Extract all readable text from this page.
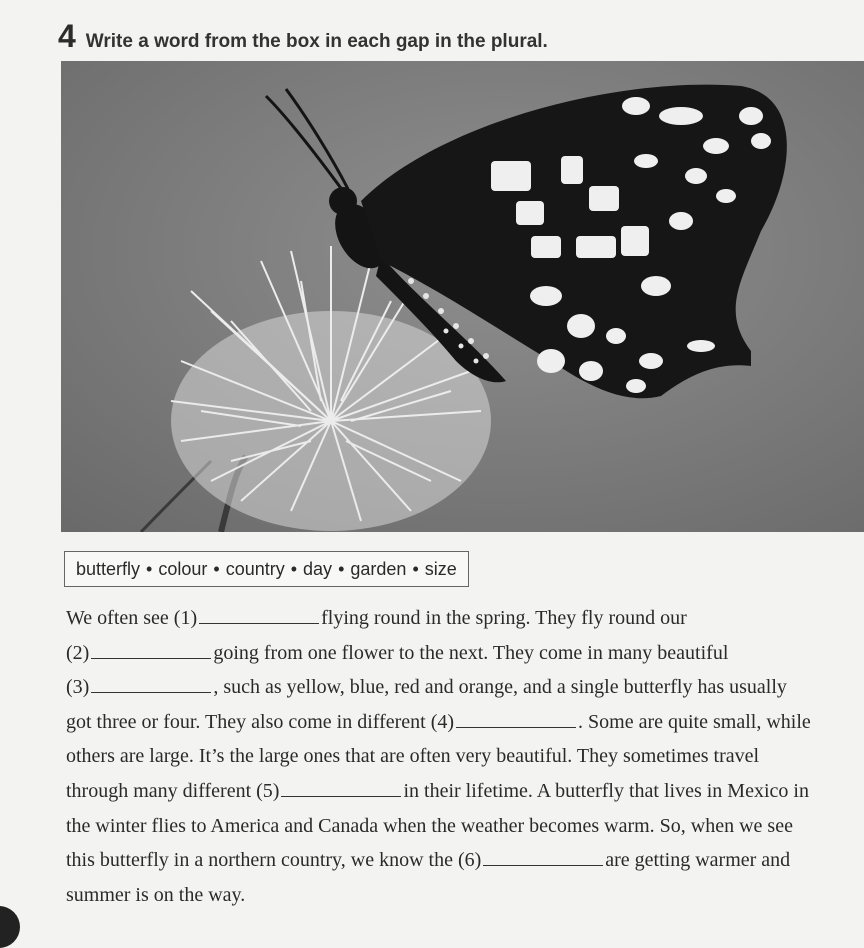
4 Write a word from the box in each gap in the plural.
butterfly • colour • country • day • garden • size
We often see (1)	flying round in the spring. They fly round our
(2)	going from one flower to the next. They come in many beautiful
(3)	, such as yellow, blue, red and orange, and a single butterfly has usually
got three or four. They also come in different (4)	. Some are quite small, while
others are large. It’s the large ones that are often very beautiful. They sometimes travel
through many different (5)	in their lifetime. A butterfly that lives in Mexico in
the winter flies to America and Canada when the weather becomes warm. So, when we see
this butterfly in a northern country, we know the (6)	are getting warmer and
summer is on the way.
